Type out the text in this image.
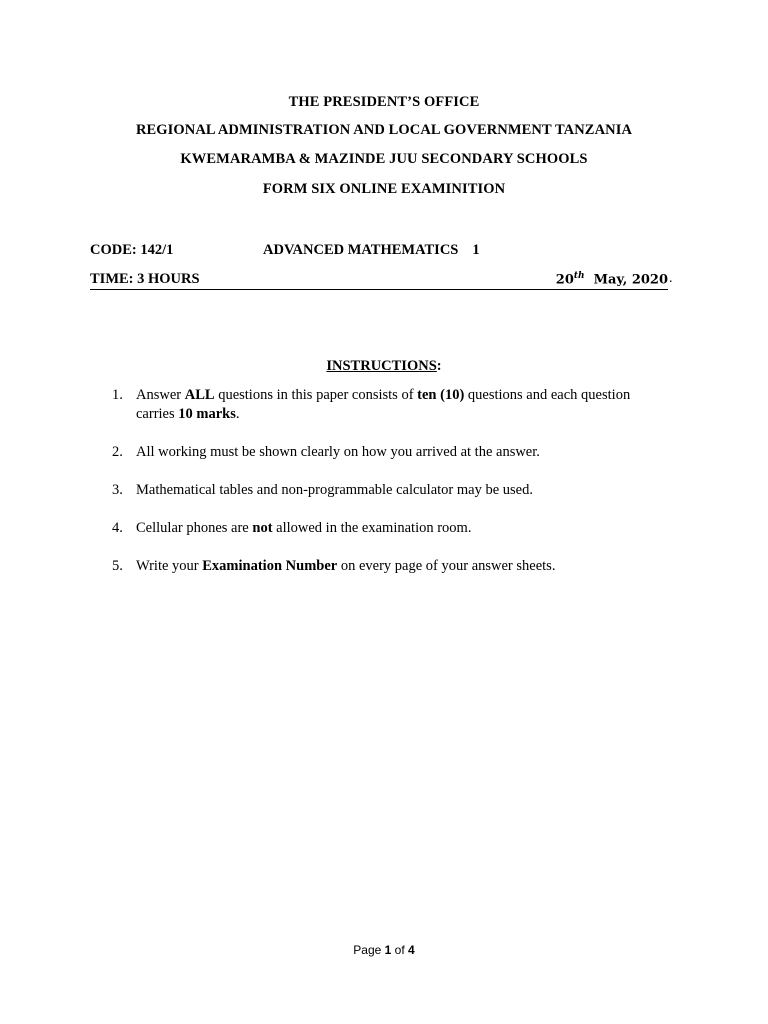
THE PRESIDENT’S OFFICE
REGIONAL ADMINISTRATION AND LOCAL GOVERNMENT TANZANIA
KWEMARAMBA & MAZINDE JUU SECONDARY SCHOOLS
FORM SIX ONLINE EXAMINITION
CODE: 142/1	ADVANCED MATHEMATICS 1
TIME: 3 HOURS	20th May, 2020 .
INSTRUCTIONS:
1. Answer ALL questions in this paper consists of ten (10) questions and each question carries 10 marks.
2. All working must be shown clearly on how you arrived at the answer.
3. Mathematical tables and non-programmable calculator may be used.
4. Cellular phones are not allowed in the examination room.
5. Write your Examination Number on every page of your answer sheets.
Page 1 of 4
